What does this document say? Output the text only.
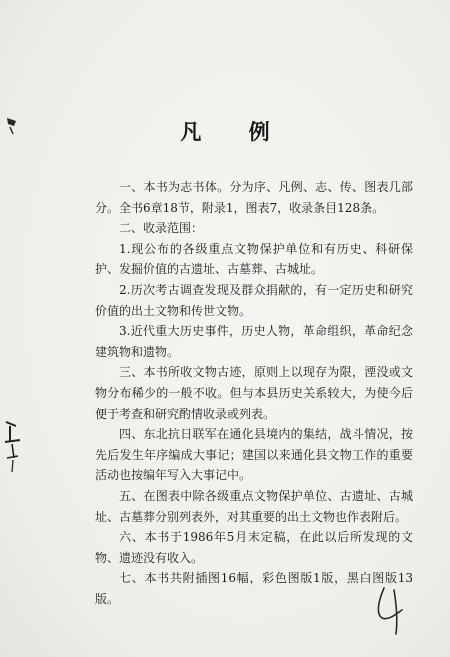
凡 例

一、本书为志书体。分为序、凡例、志、传、图表几部分。全书6章18节，附录1，图表7，收录条目128条。

二、收录范围：

1.现公布的各级重点文物保护单位和有历史、科研保护、发掘价值的古遗址、古墓葬、古城址。

2.历次考古调查发现及群众捐献的，有一定历史和研究价值的出土文物和传世文物。

3.近代重大历史事件，历史人物，革命组织，革命纪念建筑物和遗物。

三、本书所收文物古迹，原则上以现存为限，湮没或文物分布稀少的一般不收。但与本县历史关系较大，为使今后便于考查和研究酌情收录或列表。

四、东北抗日联军在通化县境内的集结，战斗情况，按先后发生年序编成大事记；建国以来通化县文物工作的重要活动也按编年写入大事记中。

五、在图表中除各级重点文物保护单位、古遗址、古城址、古墓葬分别列表外，对其重要的出土文物也作表附后。

六、本书于1986年5月末定稿，在此以后所发现的文物、遗迹没有收入。

七、本书共附插图16幅，彩色图版1版，黑白图版13版。
